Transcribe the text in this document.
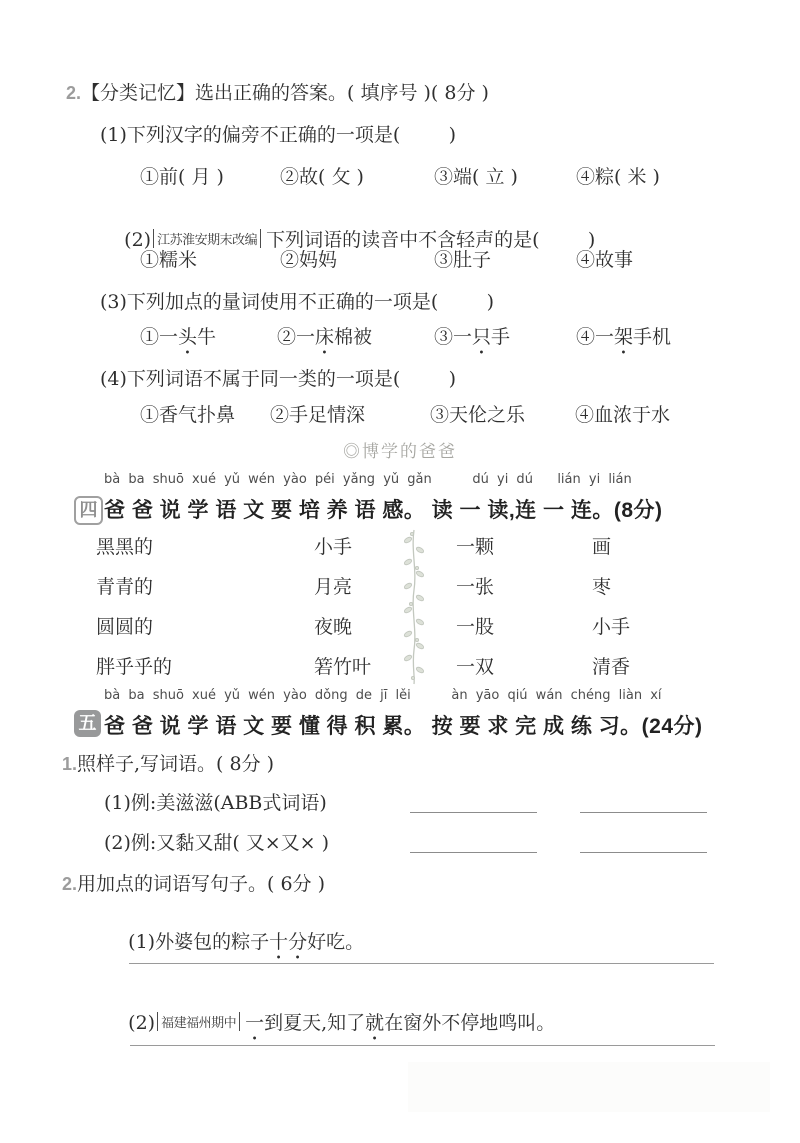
2.【分类记忆】选出正确的答案。( 填序号 )( 8分 )
(1)下列汉字的偏旁不正确的一项是(        )
①前( 月 )	②故( 攵 )	③端( 立 )	④粽( 米 )

(2) 江苏淮安期末改编 下列词语的读音中不含轻声的是(        )

①糯米	②妈妈	③肚子	④故事
(3)下列加点的量词使用不正确的一项是(        )
①一头牛	②一床棉被	③一只手	④一架手机
(4)下列词语不属于同一类的一项是(        )
①香气扑鼻 ②手足情深	③天伦之乐	④血浓于水
◎博学的爸爸
bà ba shuō xué yǔ wén yào péi yǎng yǔ gǎn     dú yi dú   lián yi lián
四 爸 爸 说 学 语 文 要 培 养 语 感。 读 一 读,连 一 连。(8分)
黑黑的	小手	一颗	画
青青的	月亮	一张	枣
圆圆的	夜晚	一股	小手
胖乎乎的	箬竹叶	一双	清香
bà ba shuō xué yǔ wén yào dǒng de jī lěi     àn yāo qiú wán chéng liàn xí
五 爸 爸 说 学 语 文 要 懂 得 积 累。 按 要 求 完 成 练 习。(24分)
1.照样子,写词语。( 8分 )
(1)例:美滋滋(ABB式词语)
(2)例:又黏又甜( 又×又× )
2.用加点的词语写句子。( 6分 )

(1)外婆包的粽子十分好吃。

(2) 福建福州期中 一到夏天,知了就在窗外不停地鸣叫。
